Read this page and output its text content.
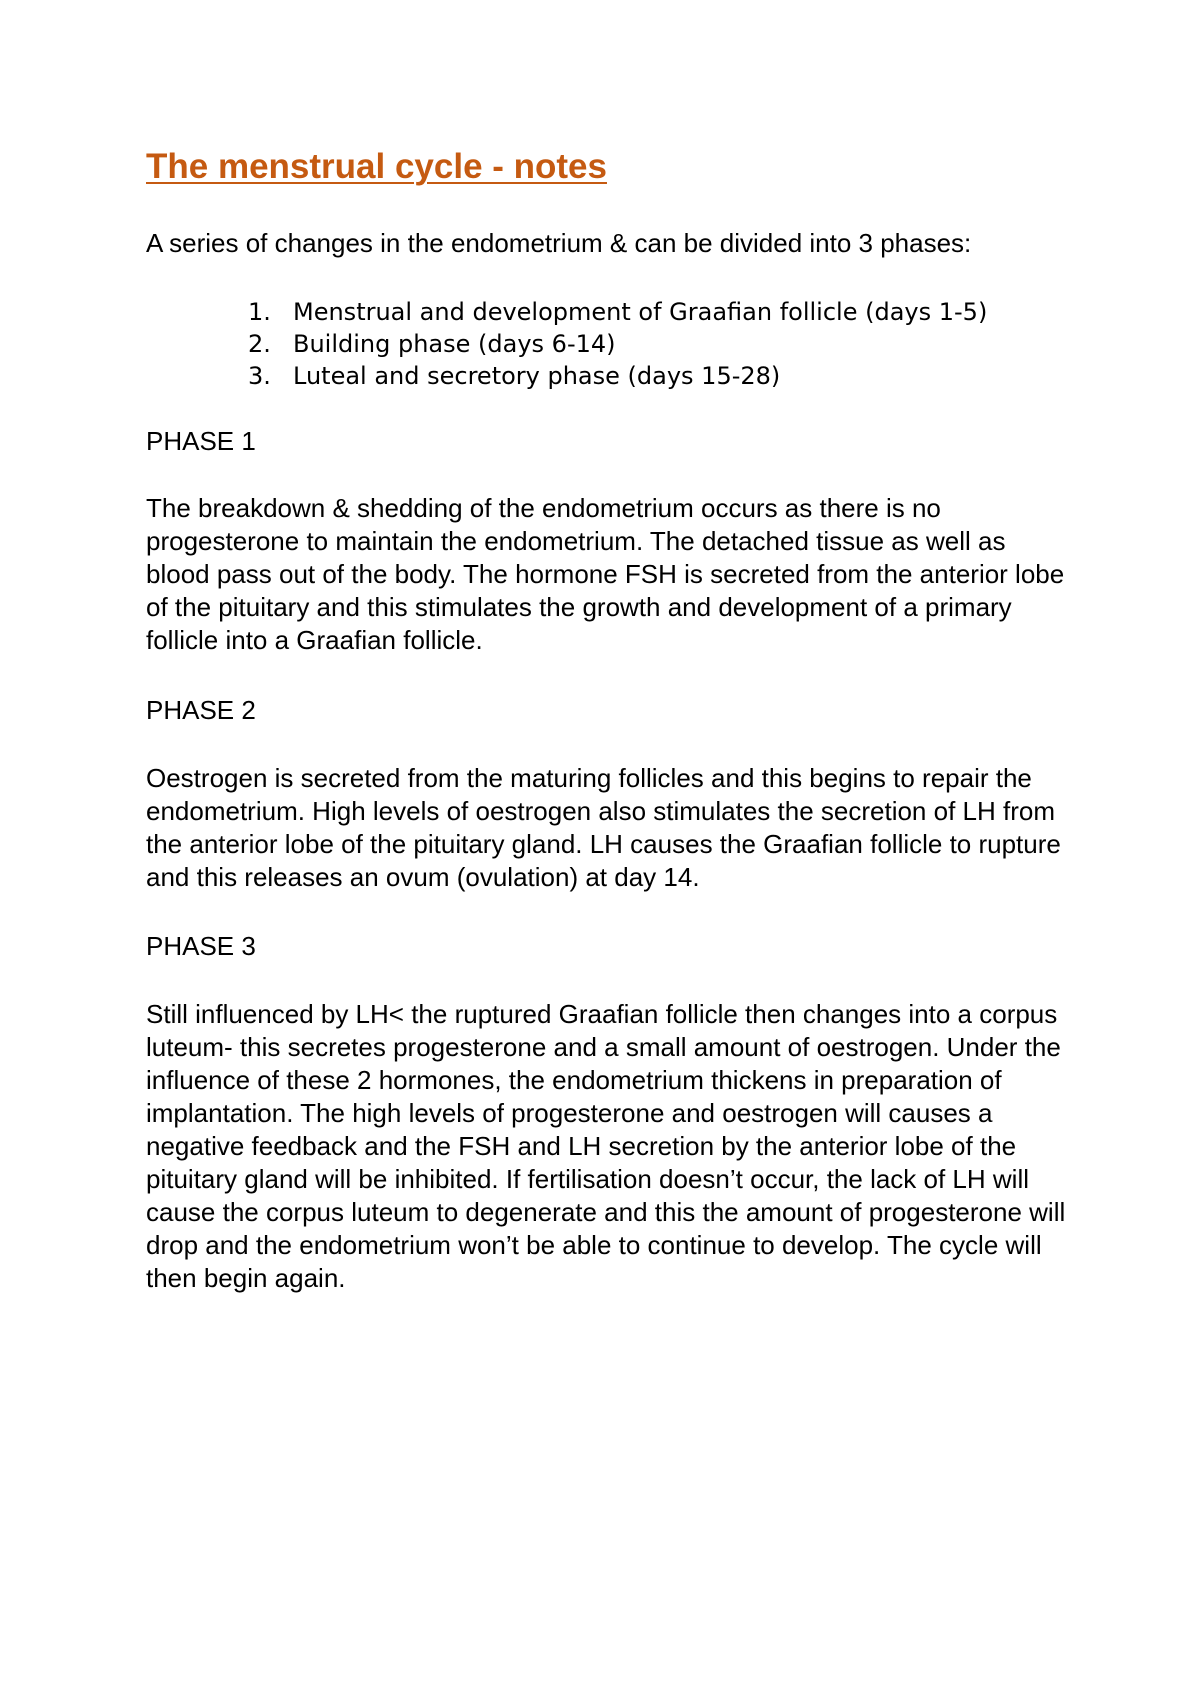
The menstrual cycle - notes

A series of changes in the endometrium & can be divided into 3 phases:

1. Menstrual and development of Graafian follicle (days 1-5)
2. Building phase (days 6-14)
3. Luteal and secretory phase (days 15-28)

PHASE 1

The breakdown & shedding of the endometrium occurs as there is no progesterone to maintain the endometrium. The detached tissue as well as blood pass out of the body. The hormone FSH is secreted from the anterior lobe of the pituitary and this stimulates the growth and development of a primary follicle into a Graafian follicle.

PHASE 2

Oestrogen is secreted from the maturing follicles and this begins to repair the endometrium. High levels of oestrogen also stimulates the secretion of LH from the anterior lobe of the pituitary gland. LH causes the Graafian follicle to rupture and this releases an ovum (ovulation) at day 14.

PHASE 3

Still influenced by LH< the ruptured Graafian follicle then changes into a corpus luteum- this secretes progesterone and a small amount of oestrogen. Under the influence of these 2 hormones, the endometrium thickens in preparation of implantation. The high levels of progesterone and oestrogen will causes a negative feedback and the FSH and LH secretion by the anterior lobe of the pituitary gland will be inhibited. If fertilisation doesn’t occur, the lack of LH will cause the corpus luteum to degenerate and this the amount of progesterone will drop and the endometrium won’t be able to continue to develop. The cycle will then begin again.
